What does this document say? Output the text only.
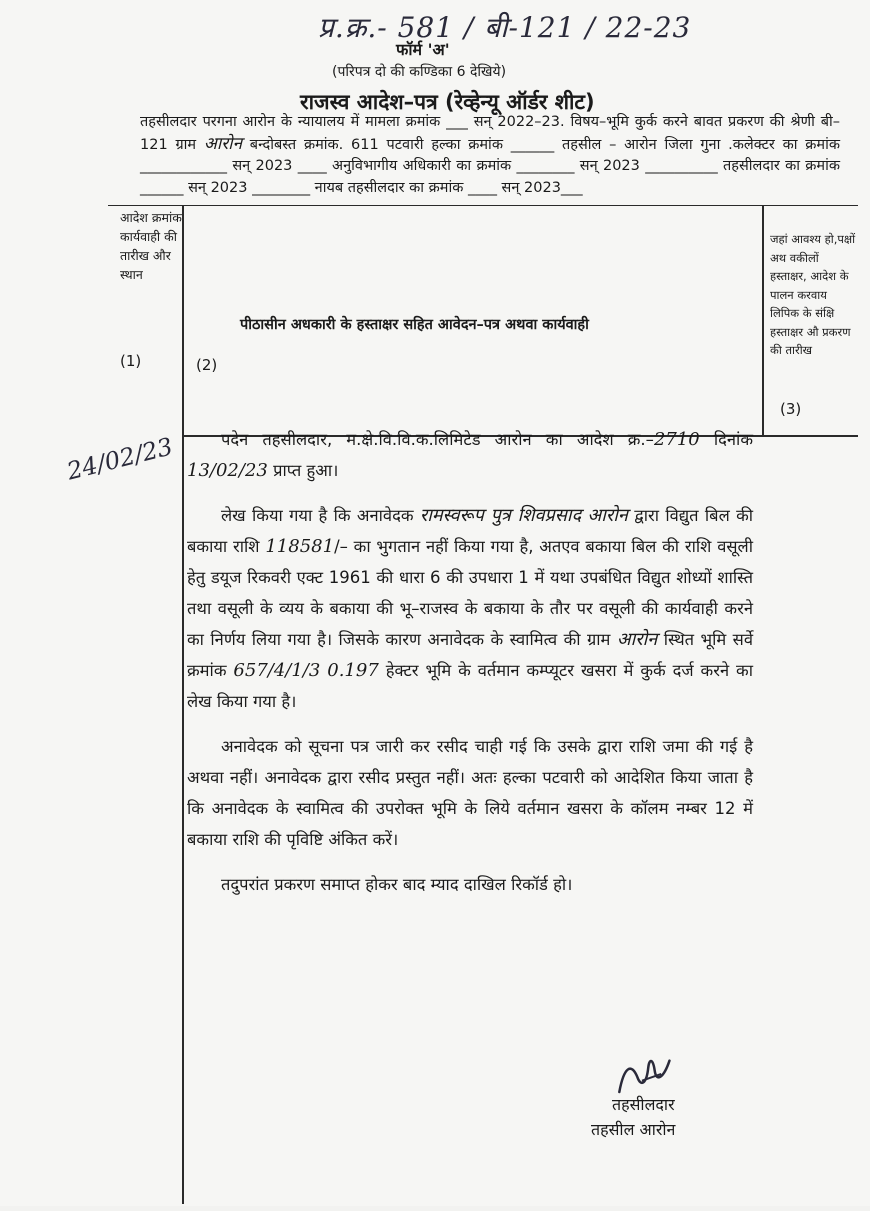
प्र.क्र.- 581 / बी-121 / 22-23
फॉर्म 'अ'
(परिपत्र दो की कण्डिका 6 देखिये)
राजस्व आदेश–पत्र (रेव्हेन्यू ऑर्डर शीट)
तहसीलदार परगना आरोन के न्यायालय में मामला क्रमांक ___ सन् 2022–23. विषय–भूमि कुर्क करने बावत प्रकरण की श्रेणी बी–121 ग्राम आरोन बन्दोबस्त क्रमांक. 611 पटवारी हल्का क्रमांक ______ तहसील – आरोन जिला गुना .कलेक्टर का क्रमांक ____________ सन् 2023 ____ अनुविभागीय अधिकारी का क्रमांक ________ सन् 2023 __________ तहसीलदार का क्रमांक ______ सन् 2023 ________ नायब तहसीलदार का क्रमांक ____ सन् 2023___
आदेश क्रमांक कार्यवाही की तारीख और स्थान
(1)
पीठासीन अधकारी के हस्ताक्षर सहित आवेदन–पत्र अथवा कार्यवाही
(2)
जहां आवश्य हो,पक्षों अथ वकीलों हस्ताक्षर, आदेश के पालन करवाय लिपिक के संक्षि हस्ताक्षर औ प्रकरण की तारीख
(3)
24/02/23	पदेन तहसीलदार, म.क्षे.वि.वि.क.लिमिटेड आरोन का आदेश क्र.–2710 दिनांक 13/02/23 प्राप्त हुआ।

लेख किया गया है कि अनावेदक रामस्वरूप पुत्र शिवप्रसाद आरोन द्वारा विद्युत बिल की बकाया राशि 118581/– का भुगतान नहीं किया गया है, अतएव बकाया बिल की राशि वसूली हेतु डयूज रिकवरी एक्ट 1961 की धारा 6 की उपधारा 1 में यथा उपबंधित विद्युत शोध्यों शास्ति तथा वसूली के व्यय के बकाया की भू–राजस्व के बकाया के तौर पर वसूली की कार्यवाही करने का निर्णय लिया गया है। जिसके कारण अनावेदक के स्वामित्व की ग्राम आरोन स्थित भूमि सर्वे क्रमांक 657/4/1/3 0.197 हेक्टर भूमि के वर्तमान कम्प्यूटर खसरा में कुर्क दर्ज करने का लेख किया गया है।

अनावेदक को सूचना पत्र जारी कर रसीद चाही गई कि उसके द्वारा राशि जमा की गई है अथवा नहीं। अनावेदक द्वारा रसीद प्रस्तुत नहीं। अतः हल्का पटवारी को आदेशित किया जाता है कि अनावेदक के स्वामित्व की उपरोक्त भूमि के लिये वर्तमान खसरा के कॉलम नम्बर 12 में बकाया राशि की पृविष्टि अंकित करें।

तदुपरांत प्रकरण समाप्त होकर बाद म्याद दाखिल रिकॉर्ड हो।

तहसीलदार
तहसील आरोन
